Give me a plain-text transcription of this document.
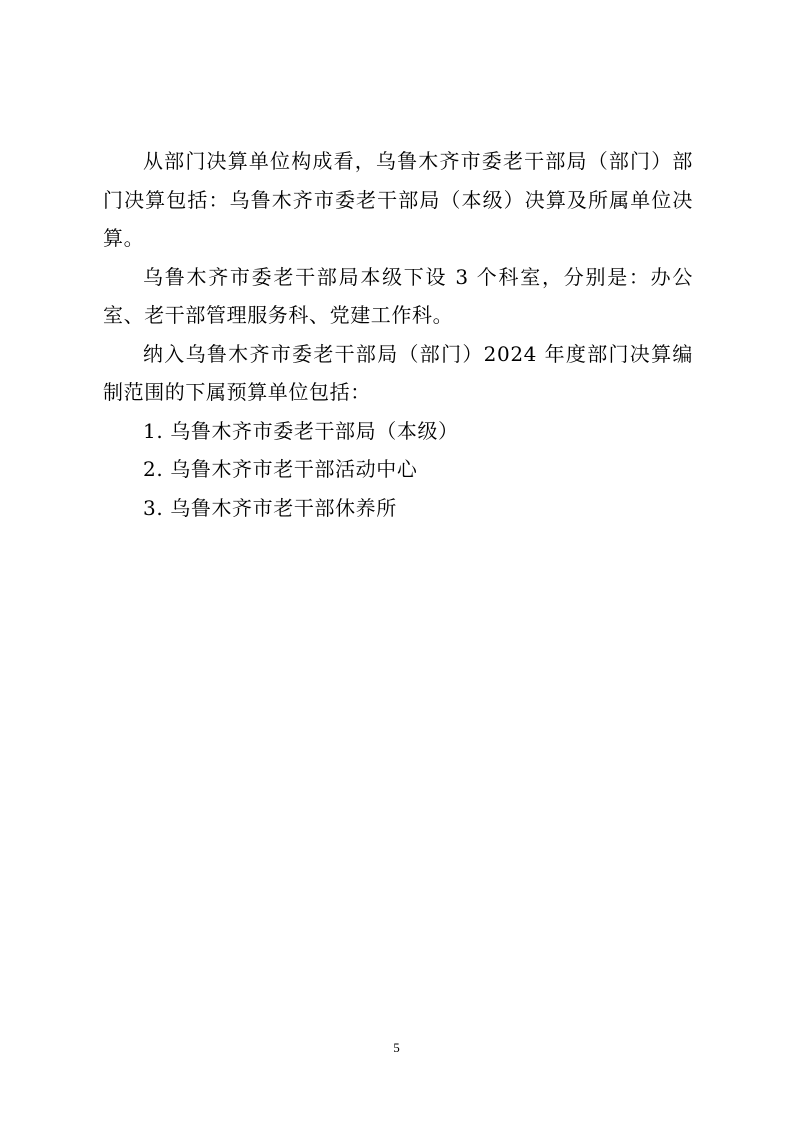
从部门决算单位构成看，乌鲁木齐市委老干部局（部门）部门决算包括：乌鲁木齐市委老干部局（本级）决算及所属单位决算。

乌鲁木齐市委老干部局本级下设 3 个科室，分别是：办公室、老干部管理服务科、党建工作科。

纳入乌鲁木齐市委老干部局（部门）2024 年度部门决算编制范围的下属预算单位包括：

1. 乌鲁木齐市委老干部局（本级）

2. 乌鲁木齐市老干部活动中心

3. 乌鲁木齐市老干部休养所

5
